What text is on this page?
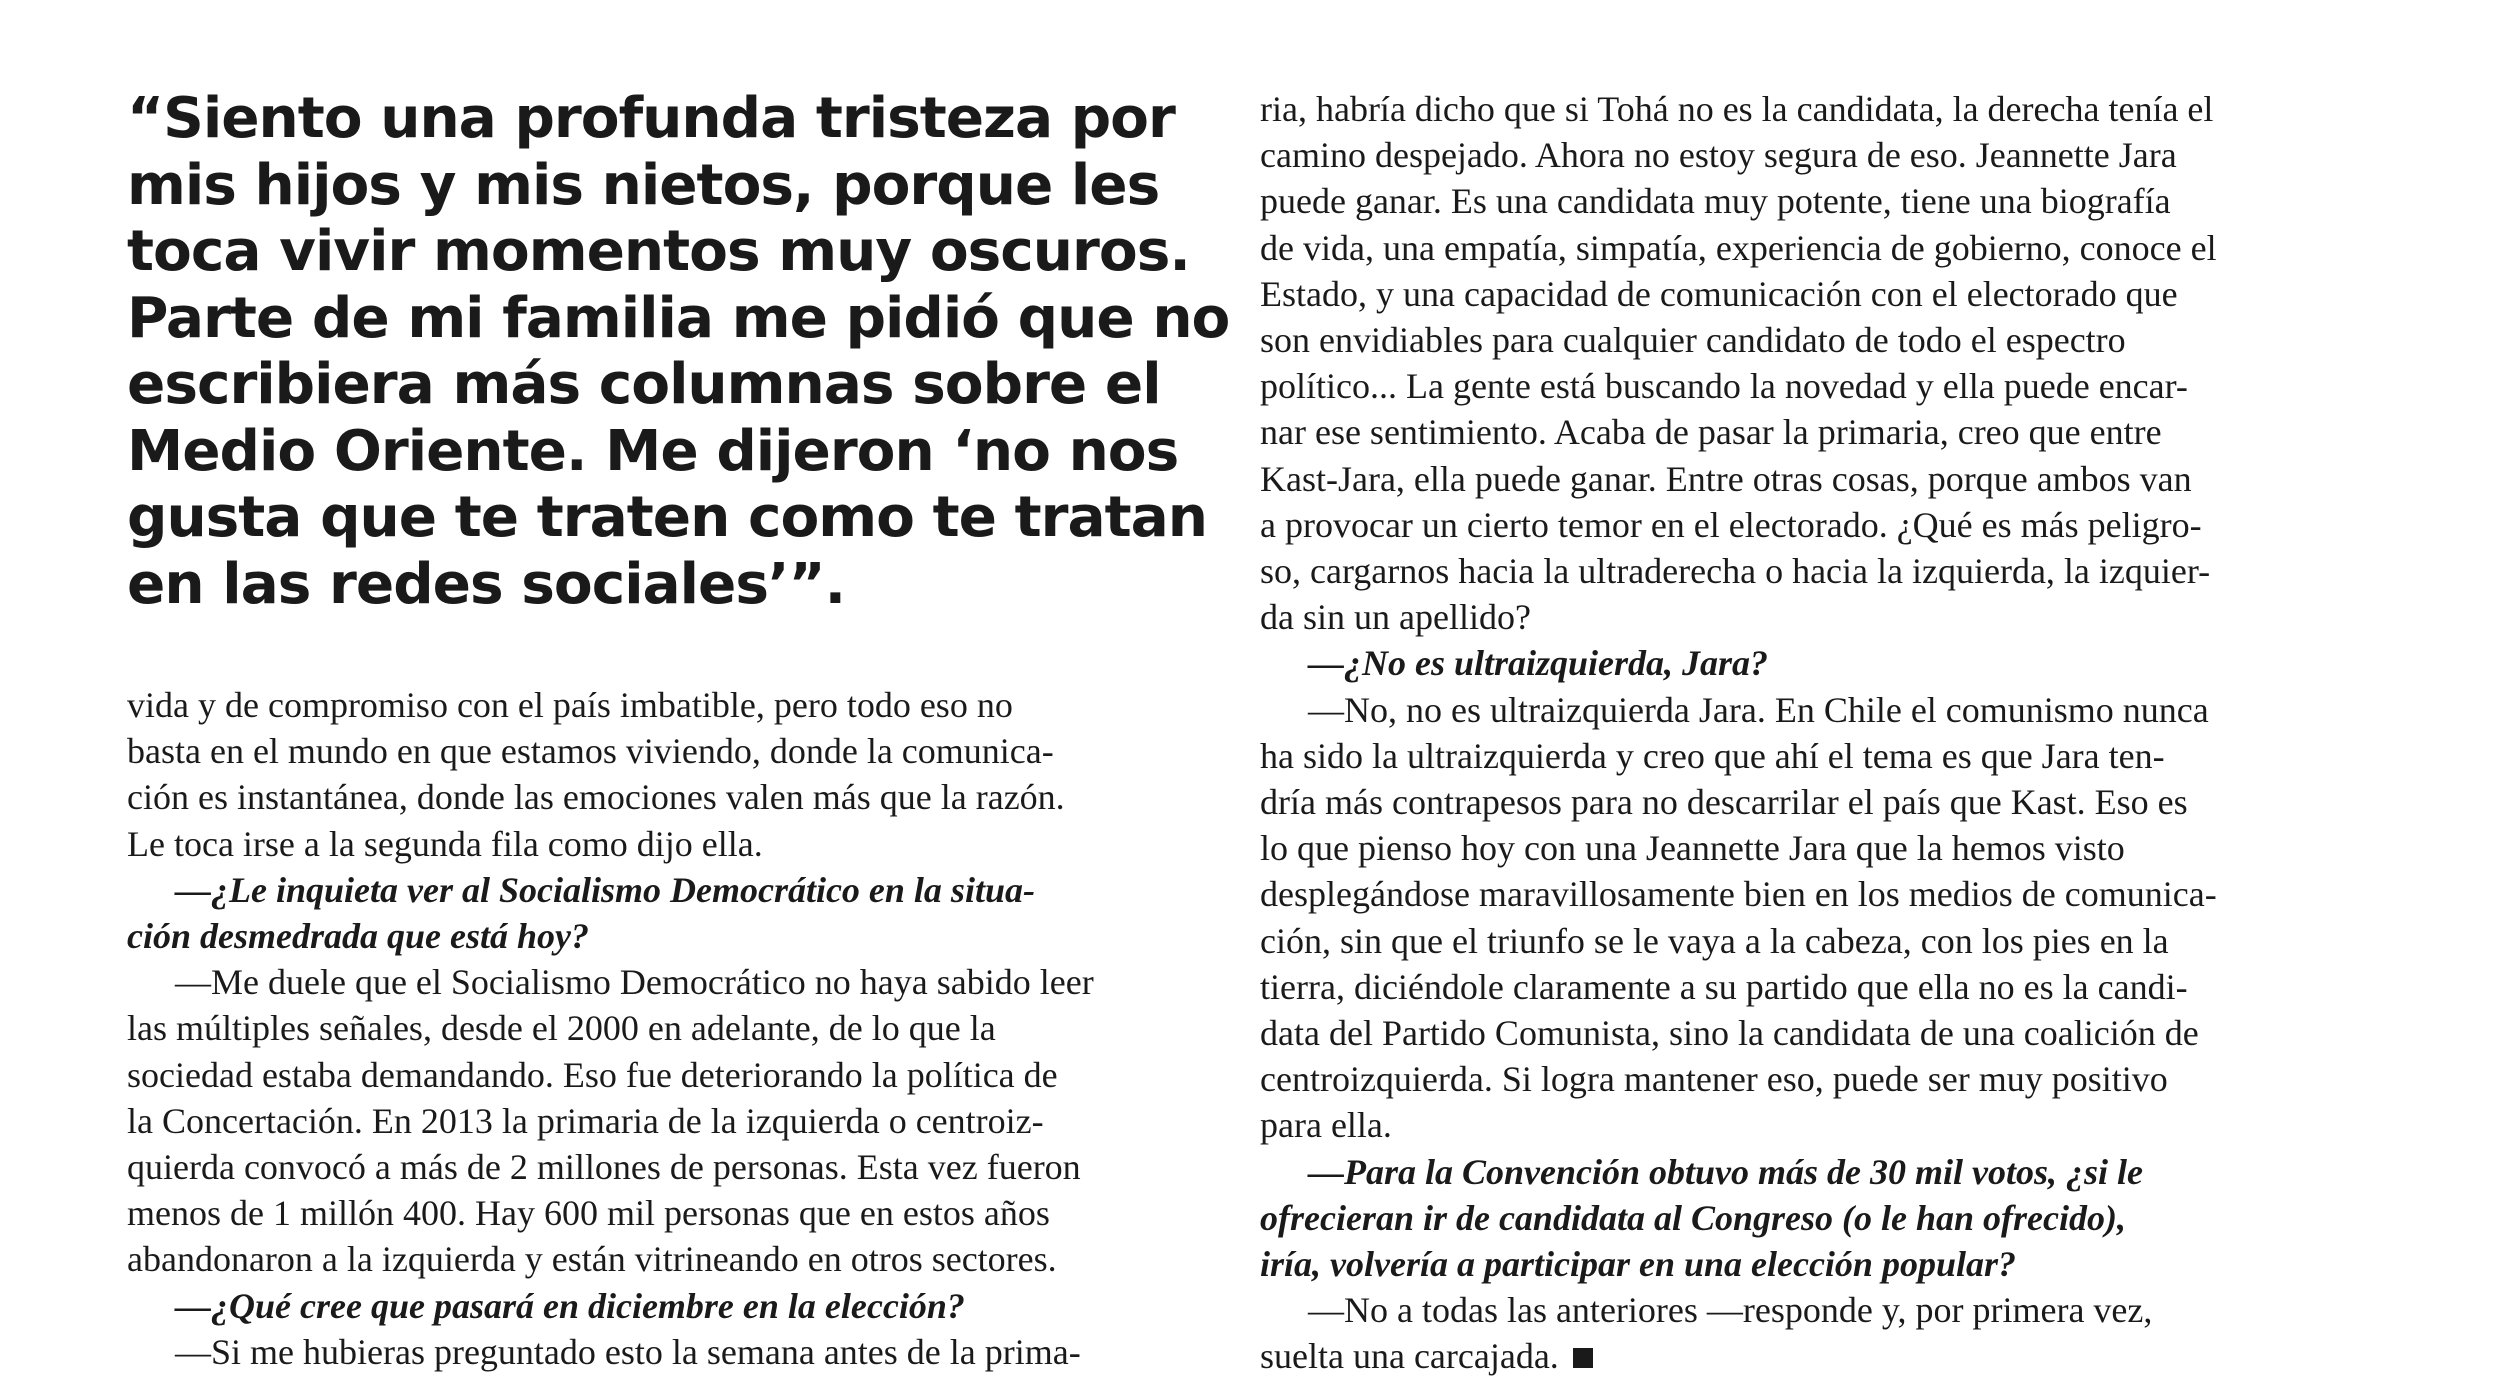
“Siento una profunda tristeza por
mis hijos y mis nietos, porque les
toca vivir momentos muy oscuros.
Parte de mi familia me pidió que no
escribiera más columnas sobre el
Medio Oriente. Me dijeron ‘no nos
gusta que te traten como te tratan
en las redes sociales’”.
vida y de compromiso con el país imbatible, pero todo eso no
basta en el mundo en que estamos viviendo, donde la comunica-
ción es instantánea, donde las emociones valen más que la razón.
Le toca irse a la segunda fila como dijo ella.
—¿Le inquieta ver al Socialismo Democrático en la situa-
ción desmedrada que está hoy?
—Me duele que el Socialismo Democrático no haya sabido leer
las múltiples señales, desde el 2000 en adelante, de lo que la
sociedad estaba demandando. Eso fue deteriorando la política de
la Concertación. En 2013 la primaria de la izquierda o centroiz-
quierda convocó a más de 2 millones de personas. Esta vez fueron
menos de 1 millón 400. Hay 600 mil personas que en estos años
abandonaron a la izquierda y están vitrineando en otros sectores.
—¿Qué cree que pasará en diciembre en la elección?
—Si me hubieras preguntado esto la semana antes de la prima-
ria, habría dicho que si Tohá no es la candidata, la derecha tenía el
camino despejado. Ahora no estoy segura de eso. Jeannette Jara
puede ganar. Es una candidata muy potente, tiene una biografía
de vida, una empatía, simpatía, experiencia de gobierno, conoce el
Estado, y una capacidad de comunicación con el electorado que
son envidiables para cualquier candidato de todo el espectro
político... La gente está buscando la novedad y ella puede encar-
nar ese sentimiento. Acaba de pasar la primaria, creo que entre
Kast-Jara, ella puede ganar. Entre otras cosas, porque ambos van
a provocar un cierto temor en el electorado. ¿Qué es más peligro-
so, cargarnos hacia la ultraderecha o hacia la izquierda, la izquier-
da sin un apellido?
—¿No es ultraizquierda, Jara?
—No, no es ultraizquierda Jara. En Chile el comunismo nunca
ha sido la ultraizquierda y creo que ahí el tema es que Jara ten-
dría más contrapesos para no descarrilar el país que Kast. Eso es
lo que pienso hoy con una Jeannette Jara que la hemos visto
desplegándose maravillosamente bien en los medios de comunica-
ción, sin que el triunfo se le vaya a la cabeza, con los pies en la
tierra, diciéndole claramente a su partido que ella no es la candi-
data del Partido Comunista, sino la candidata de una coalición de
centroizquierda. Si logra mantener eso, puede ser muy positivo
para ella.
—Para la Convención obtuvo más de 30 mil votos, ¿si le
ofrecieran ir de candidata al Congreso (o le han ofrecido),
iría, volvería a participar en una elección popular?
—No a todas las anteriores —responde y, por primera vez,
suelta una carcajada.
